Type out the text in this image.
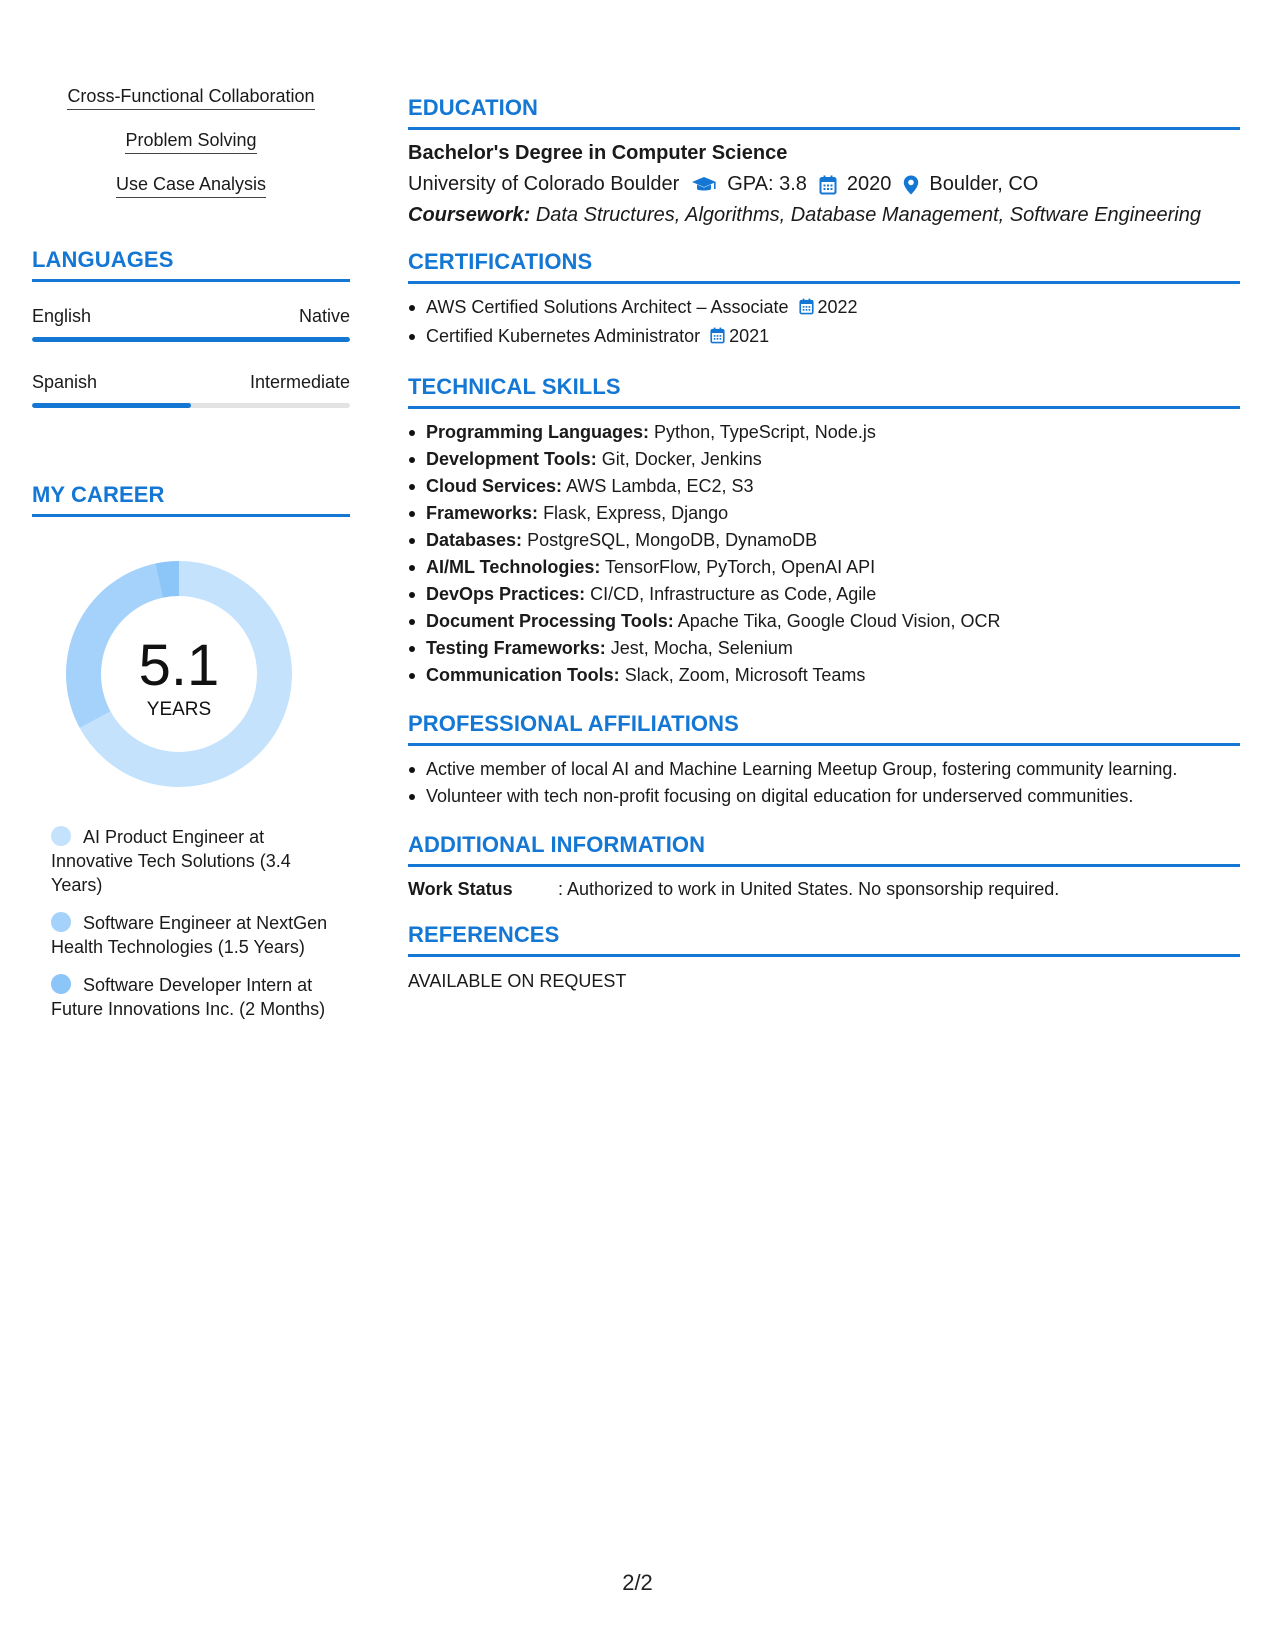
Cross-Functional Collaboration
Problem Solving
Use Case Analysis
LANGUAGES
English	Native
Spanish	Intermediate
MY CAREER
5.1
YEARS
AI Product Engineer at Innovative Tech Solutions (3.4 Years)
Software Engineer at NextGen Health Technologies (1.5 Years)
Software Developer Intern at Future Innovations Inc. (2 Months)
EDUCATION
Bachelor's Degree in Computer Science
University of Colorado Boulder GPA: 3.8 2020 Boulder, CO
Coursework: Data Structures, Algorithms, Database Management, Software Engineering
CERTIFICATIONS
AWS Certified Solutions Architect – Associate 2022
Certified Kubernetes Administrator 2021
TECHNICAL SKILLS
Programming Languages: Python, TypeScript, Node.js
Development Tools: Git, Docker, Jenkins
Cloud Services: AWS Lambda, EC2, S3
Frameworks: Flask, Express, Django
Databases: PostgreSQL, MongoDB, DynamoDB
AI/ML Technologies: TensorFlow, PyTorch, OpenAI API
DevOps Practices: CI/CD, Infrastructure as Code, Agile
Document Processing Tools: Apache Tika, Google Cloud Vision, OCR
Testing Frameworks: Jest, Mocha, Selenium
Communication Tools: Slack, Zoom, Microsoft Teams
PROFESSIONAL AFFILIATIONS
Active member of local AI and Machine Learning Meetup Group, fostering community learning.
Volunteer with tech non-profit focusing on digital education for underserved communities.
ADDITIONAL INFORMATION
Work Status	: Authorized to work in United States. No sponsorship required.
REFERENCES
AVAILABLE ON REQUEST
2/2
